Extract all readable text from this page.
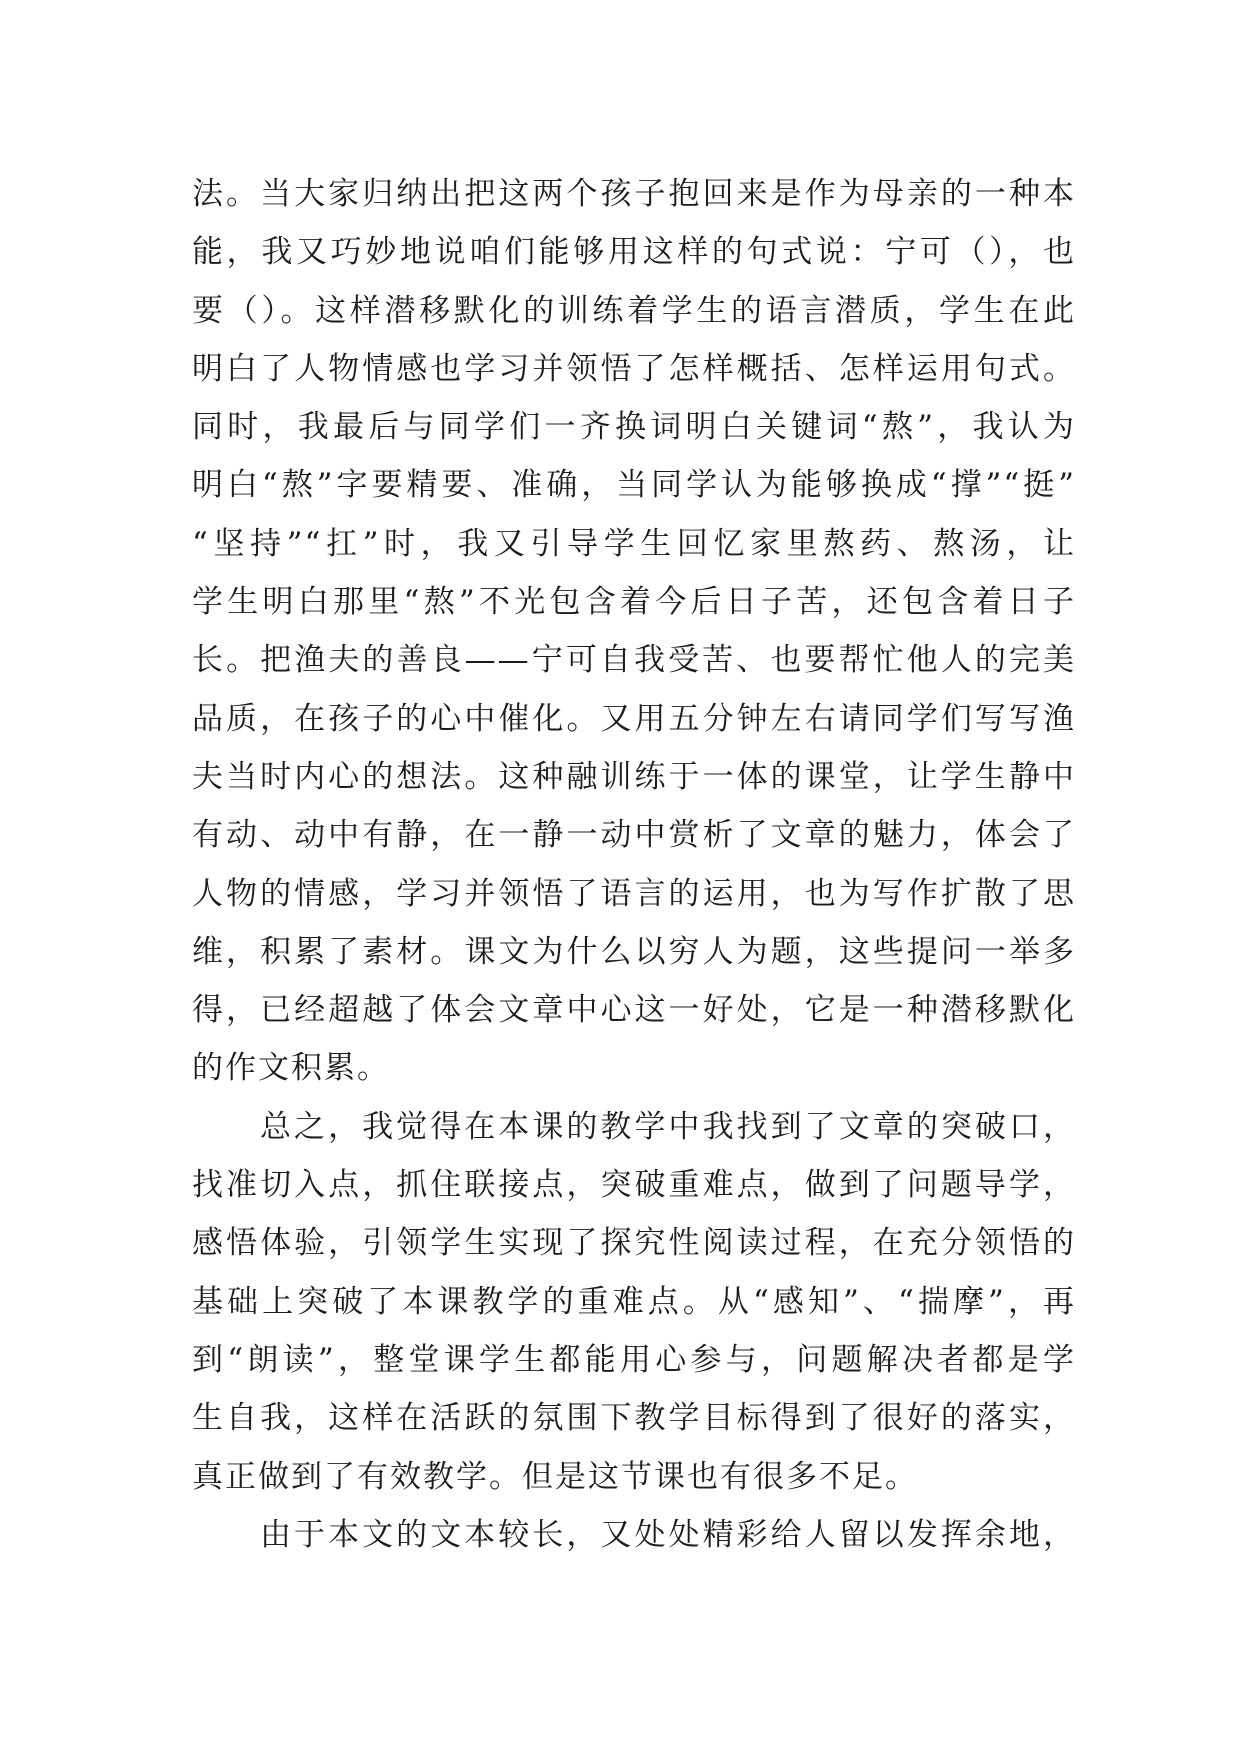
法。当大家归纳出把这两个孩子抱回来是作为母亲的一种本
能，我又巧妙地说咱们能够用这样的句式说：宁可（），也
要（）。这样潜移默化的训练着学生的语言潜质，学生在此
明白了人物情感也学习并领悟了怎样概括、怎样运用句式。
同时，我最后与同学们一齐换词明白关键词“熬”，我认为
明白“熬”字要精要、准确，当同学认为能够换成“撑”“挺”
“坚持”“扛”时，我又引导学生回忆家里熬药、熬汤，让
学生明白那里“熬”不光包含着今后日子苦，还包含着日子
长。把渔夫的善良——宁可自我受苦、也要帮忙他人的完美
品质，在孩子的心中催化。又用五分钟左右请同学们写写渔
夫当时内心的想法。这种融训练于一体的课堂，让学生静中
有动、动中有静，在一静一动中赏析了文章的魅力，体会了
人物的情感，学习并领悟了语言的运用，也为写作扩散了思
维，积累了素材。课文为什么以穷人为题，这些提问一举多
得，已经超越了体会文章中心这一好处，它是一种潜移默化
的作文积累。
总之，我觉得在本课的教学中我找到了文章的突破口，
找准切入点，抓住联接点，突破重难点，做到了问题导学，
感悟体验，引领学生实现了探究性阅读过程，在充分领悟的
基础上突破了本课教学的重难点。从“感知”、“揣摩”，再
到“朗读”，整堂课学生都能用心参与，问题解决者都是学
生自我，这样在活跃的氛围下教学目标得到了很好的落实，
真正做到了有效教学。但是这节课也有很多不足。
由于本文的文本较长，又处处精彩给人留以发挥余地，
